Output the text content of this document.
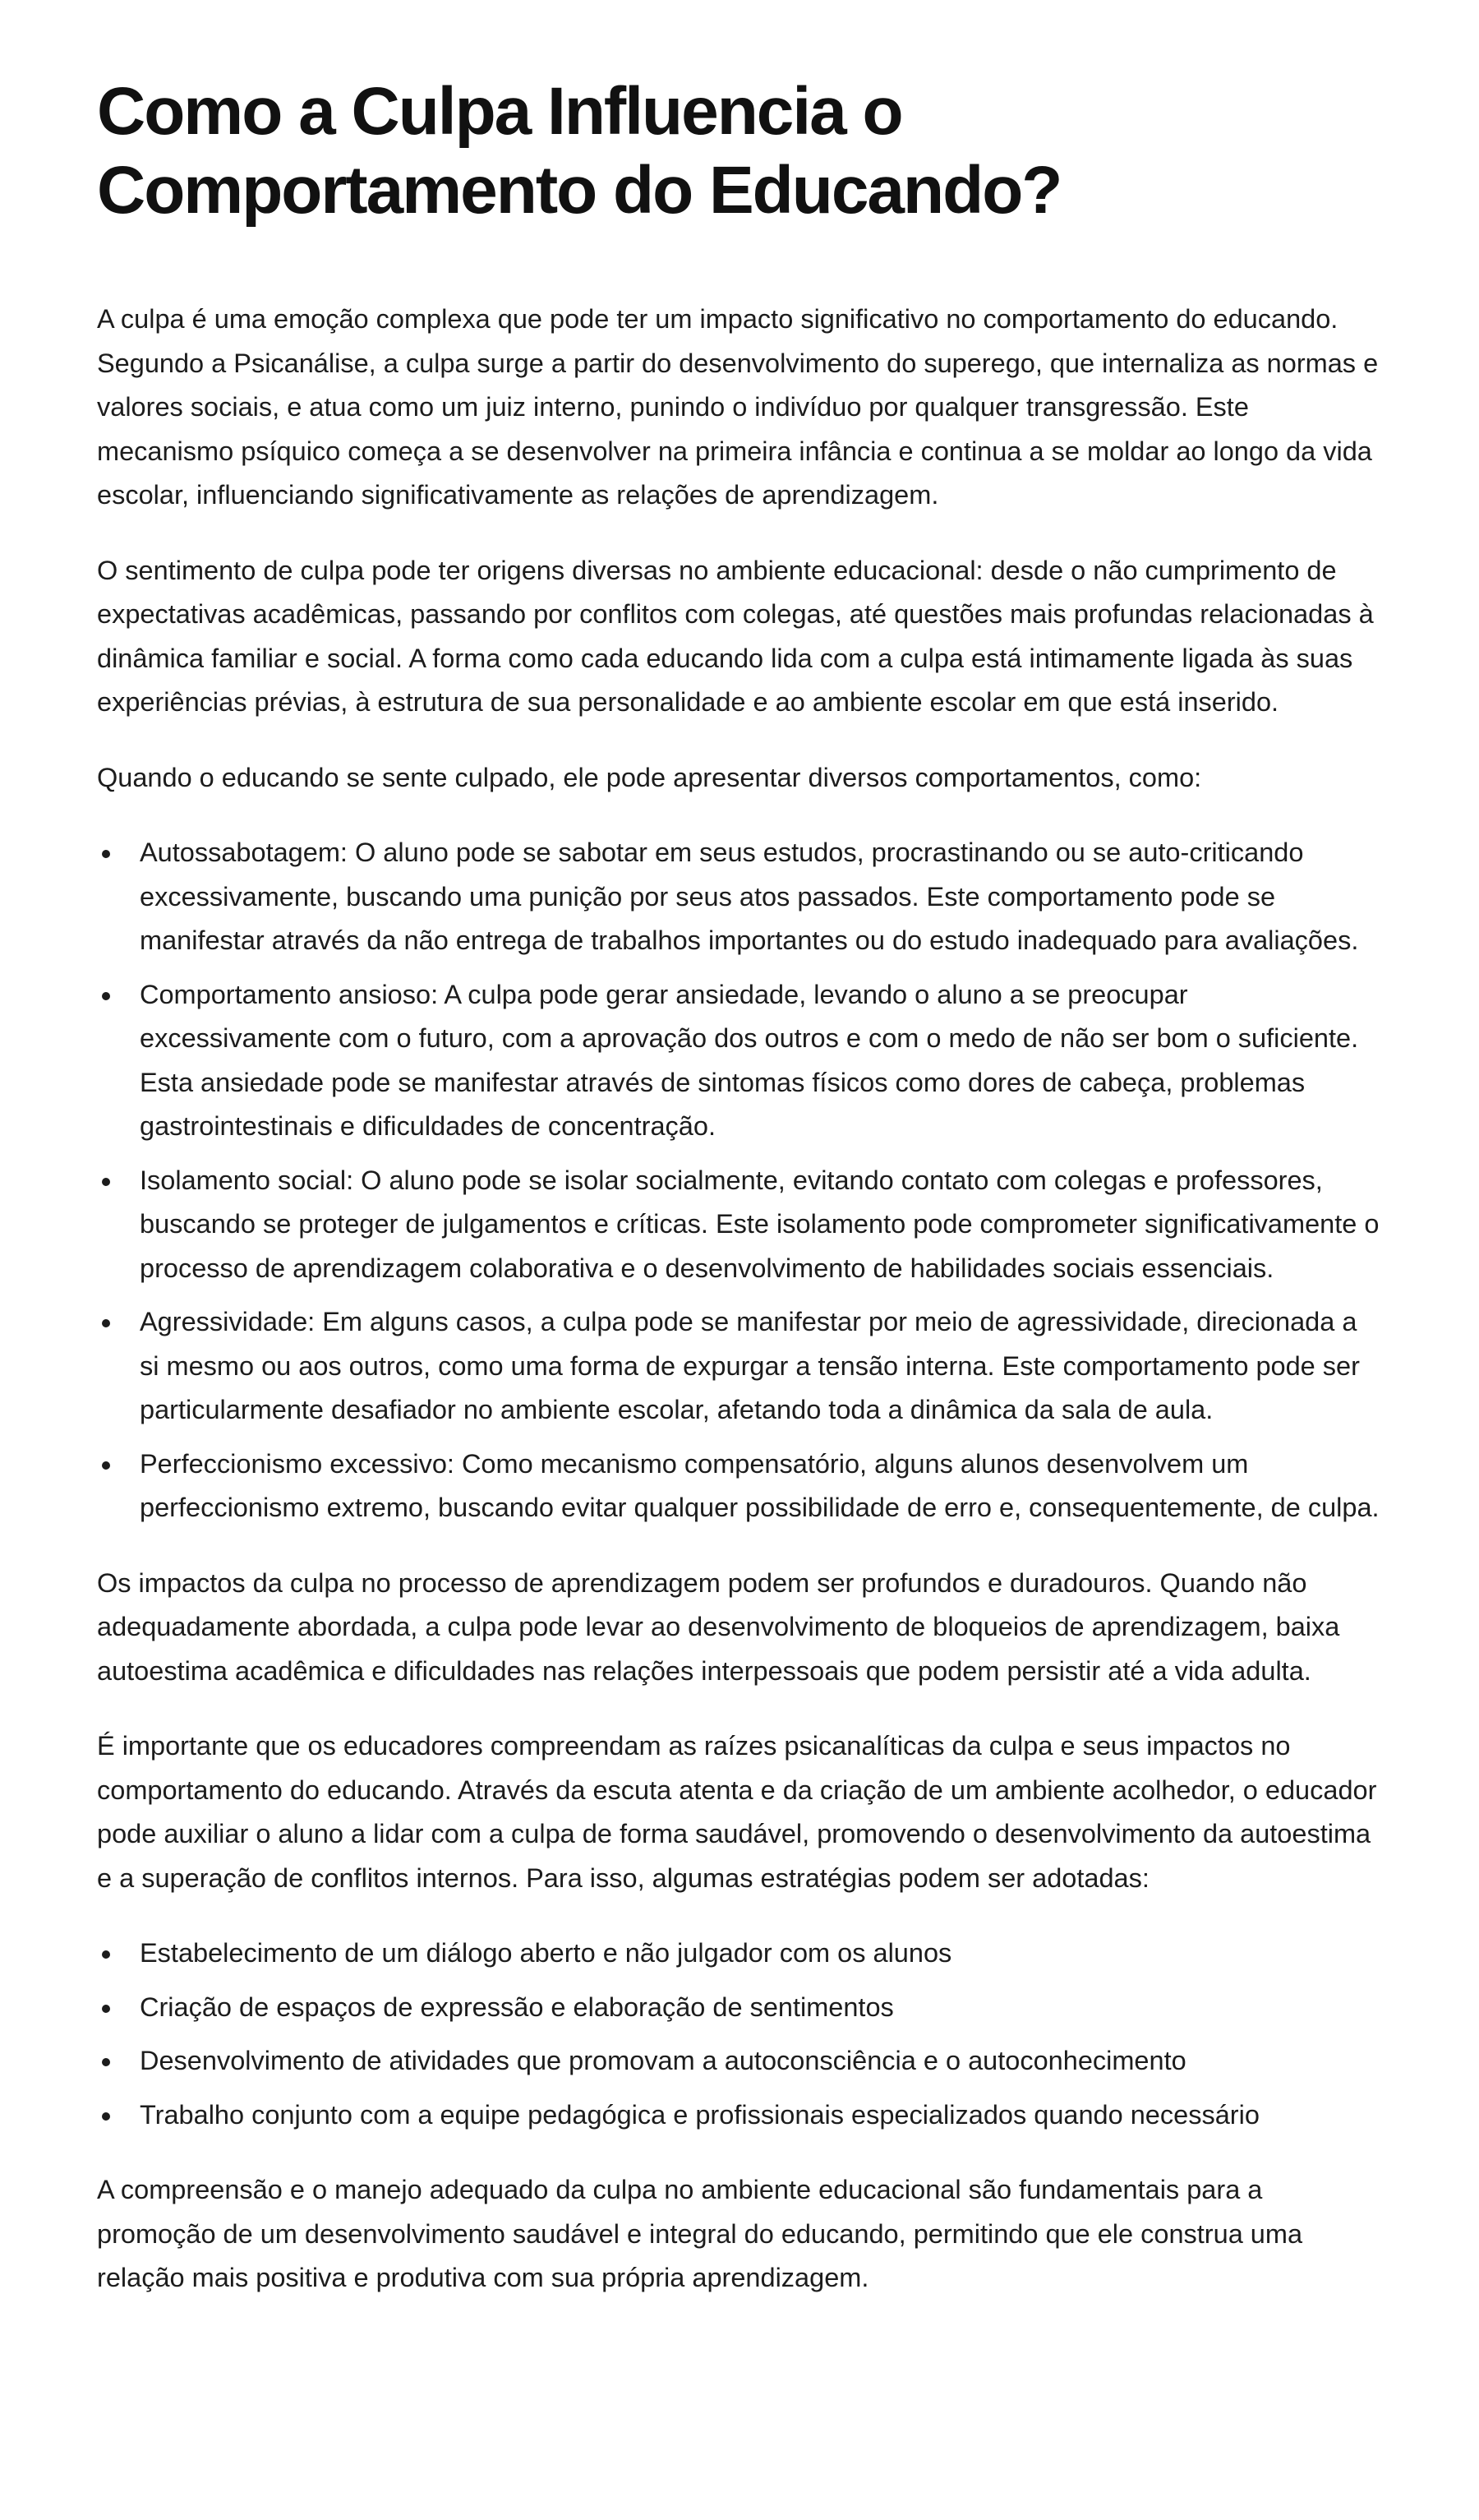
Como a Culpa Influencia o Comportamento do Educando?

A culpa é uma emoção complexa que pode ter um impacto significativo no comportamento do educando. Segundo a Psicanálise, a culpa surge a partir do desenvolvimento do superego, que internaliza as normas e valores sociais, e atua como um juiz interno, punindo o indivíduo por qualquer transgressão. Este mecanismo psíquico começa a se desenvolver na primeira infância e continua a se moldar ao longo da vida escolar, influenciando significativamente as relações de aprendizagem.

O sentimento de culpa pode ter origens diversas no ambiente educacional: desde o não cumprimento de expectativas acadêmicas, passando por conflitos com colegas, até questões mais profundas relacionadas à dinâmica familiar e social. A forma como cada educando lida com a culpa está intimamente ligada às suas experiências prévias, à estrutura de sua personalidade e ao ambiente escolar em que está inserido.

Quando o educando se sente culpado, ele pode apresentar diversos comportamentos, como:

Autossabotagem: O aluno pode se sabotar em seus estudos, procrastinando ou se auto-criticando excessivamente, buscando uma punição por seus atos passados. Este comportamento pode se manifestar através da não entrega de trabalhos importantes ou do estudo inadequado para avaliações.
Comportamento ansioso: A culpa pode gerar ansiedade, levando o aluno a se preocupar excessivamente com o futuro, com a aprovação dos outros e com o medo de não ser bom o suficiente. Esta ansiedade pode se manifestar através de sintomas físicos como dores de cabeça, problemas gastrointestinais e dificuldades de concentração.
Isolamento social: O aluno pode se isolar socialmente, evitando contato com colegas e professores, buscando se proteger de julgamentos e críticas. Este isolamento pode comprometer significativamente o processo de aprendizagem colaborativa e o desenvolvimento de habilidades sociais essenciais.
Agressividade: Em alguns casos, a culpa pode se manifestar por meio de agressividade, direcionada a si mesmo ou aos outros, como uma forma de expurgar a tensão interna. Este comportamento pode ser particularmente desafiador no ambiente escolar, afetando toda a dinâmica da sala de aula.
Perfeccionismo excessivo: Como mecanismo compensatório, alguns alunos desenvolvem um perfeccionismo extremo, buscando evitar qualquer possibilidade de erro e, consequentemente, de culpa.

Os impactos da culpa no processo de aprendizagem podem ser profundos e duradouros. Quando não adequadamente abordada, a culpa pode levar ao desenvolvimento de bloqueios de aprendizagem, baixa autoestima acadêmica e dificuldades nas relações interpessoais que podem persistir até a vida adulta.

É importante que os educadores compreendam as raízes psicanalíticas da culpa e seus impactos no comportamento do educando. Através da escuta atenta e da criação de um ambiente acolhedor, o educador pode auxiliar o aluno a lidar com a culpa de forma saudável, promovendo o desenvolvimento da autoestima e a superação de conflitos internos. Para isso, algumas estratégias podem ser adotadas:

Estabelecimento de um diálogo aberto e não julgador com os alunos
Criação de espaços de expressão e elaboração de sentimentos
Desenvolvimento de atividades que promovam a autoconsciência e o autoconhecimento
Trabalho conjunto com a equipe pedagógica e profissionais especializados quando necessário

A compreensão e o manejo adequado da culpa no ambiente educacional são fundamentais para a promoção de um desenvolvimento saudável e integral do educando, permitindo que ele construa uma relação mais positiva e produtiva com sua própria aprendizagem.
